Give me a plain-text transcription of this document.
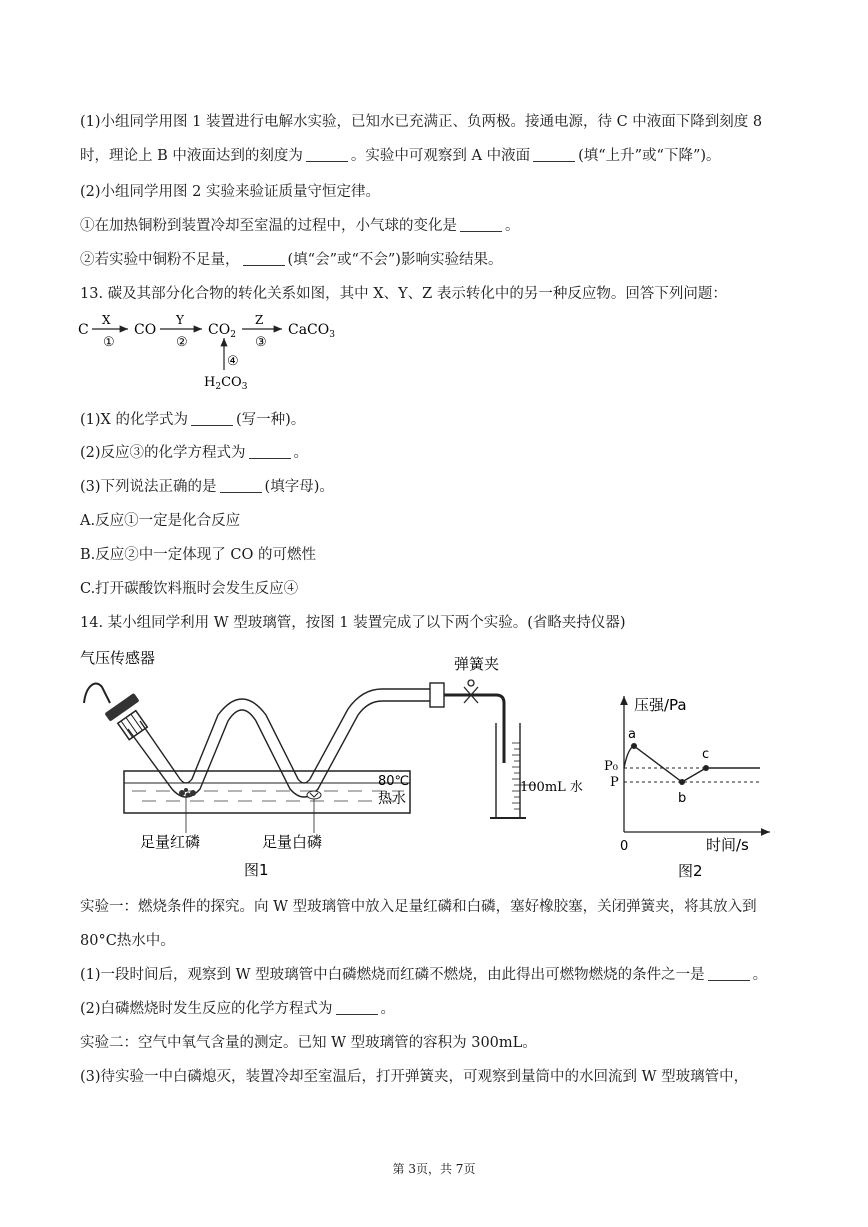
(1)小组同学用图 1 装置进行电解水实验，已知水已充满正、负两极。接通电源，待 C 中液面下降到刻度 8
时，理论上 B 中液面达到的刻度为	。实验中可观察到 A 中液面	(填“上升”或“下降”)。
(2)小组同学用图 2 实验来验证质量守恒定律。
①在加热铜粉到装置冷却至室温的过程中，小气球的变化是	。
②若实验中铜粉不足量，	(填“会”或“不会”)影响实验结果。
13. 碳及其部分化合物的转化关系如图，其中 X、Y、Z 表示转化中的另一种反应物。回答下列问题：
C
X
①
CO
Y
②
$CO_2$
Z
③
CaCO$_3$
④
$H_2CO_3$
(1)X 的化学式为	(写一种)。
(2)反应③的化学方程式为	。
(3)下列说法正确的是	(填字母)。
A.反应①一定是化合反应
B.反应②中一定体现了 CO 的可燃性
C.打开碳酸饮料瓶时会发生反应④
14. 某小组同学利用 W 型玻璃管，按图 1 装置完成了以下两个实验。(省略夹持仪器)
气压传感器
足量红磷	足量白磷
80℃
热水
弹簧夹
100mL 水
图1
压强/Pa
时间/s
0
P₀
P
a
b
c
图2
实验一：燃烧条件的探究。向 W 型玻璃管中放入足量红磷和白磷，塞好橡胶塞，关闭弹簧夹，将其放入到
80°C热水中。
(1)一段时间后，观察到 W 型玻璃管中白磷燃烧而红磷不燃烧，由此得出可燃物燃烧的条件之一是	。
(2)白磷燃烧时发生反应的化学方程式为	。
实验二：空气中氧气含量的测定。已知 W 型玻璃管的容积为 300mL。
(3)待实验一中白磷熄灭，装置冷却至室温后，打开弹簧夹，可观察到量筒中的水回流到 W 型玻璃管中，
第 3页，共 7页
